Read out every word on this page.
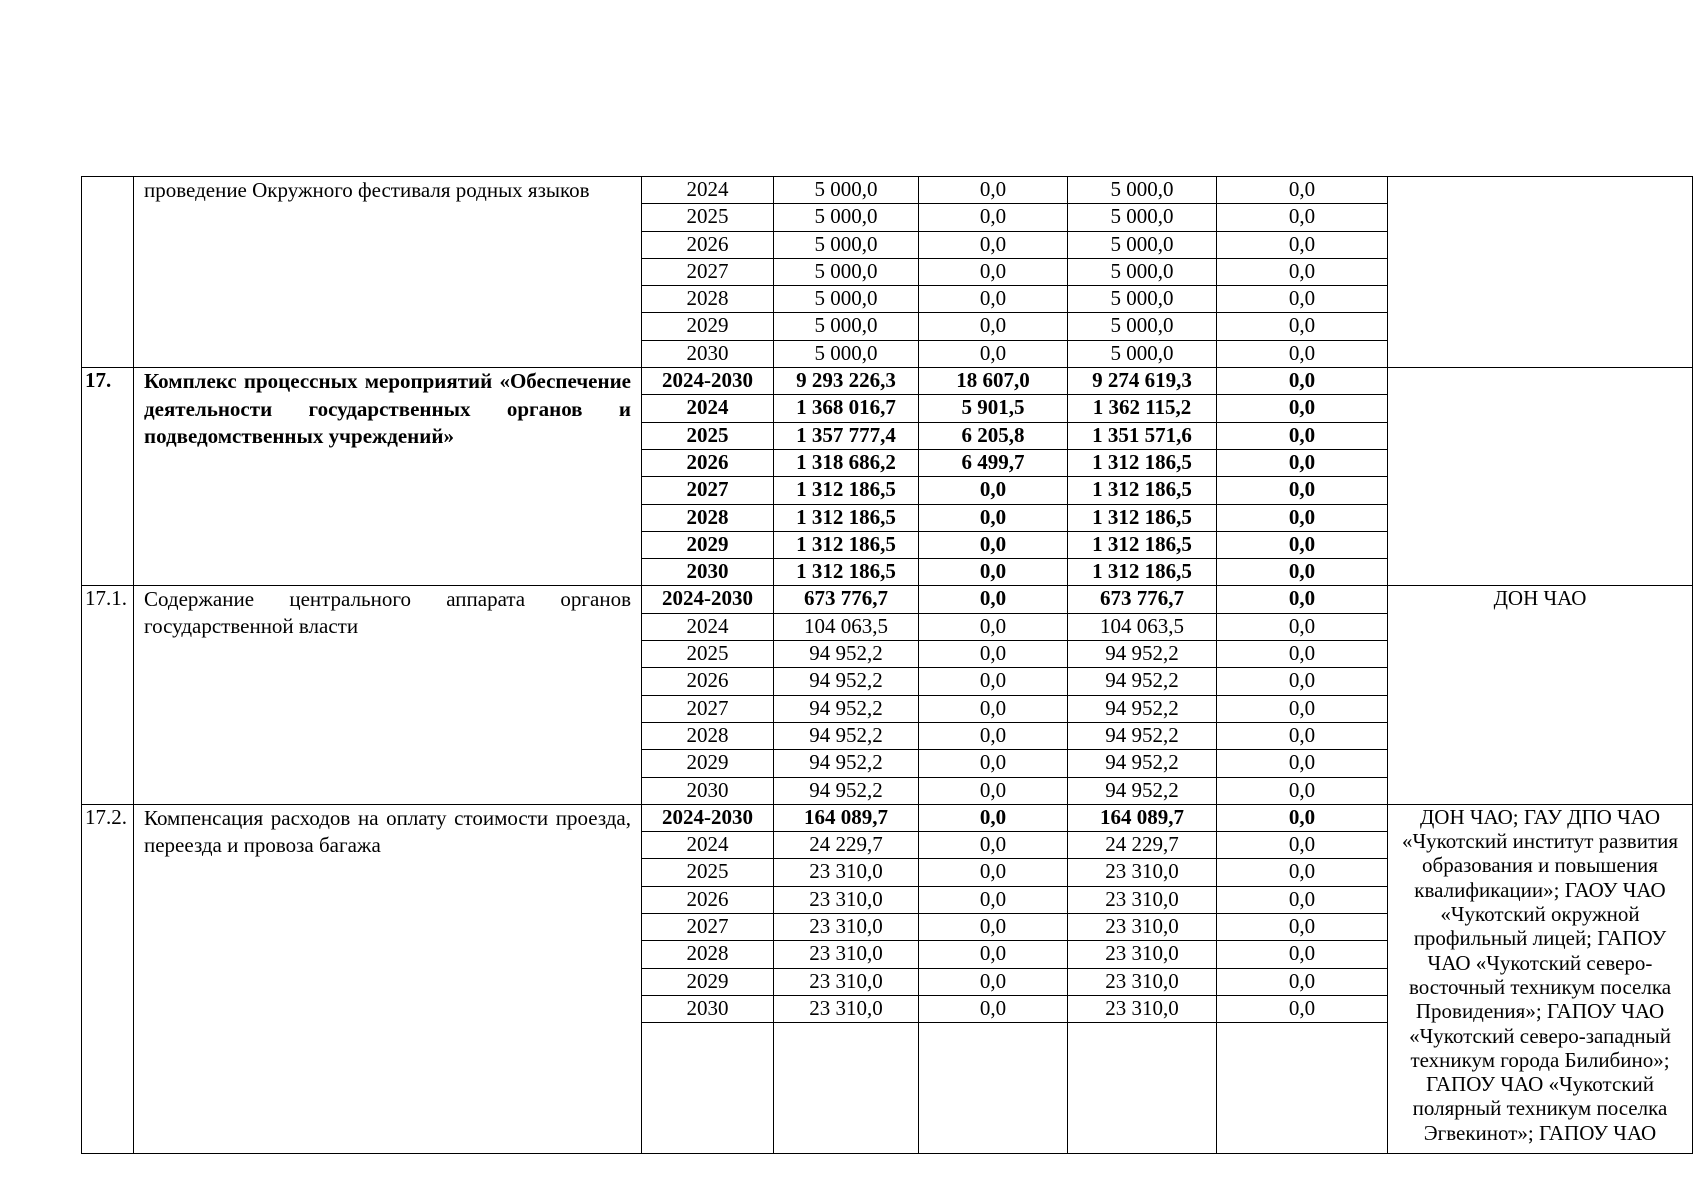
	проведение Окружного фестиваля родных языков	2024	5 000,0	0,0	5 000,0	0,0	
		2025	5 000,0	0,0	5 000,0	0,0	
		2026	5 000,0	0,0	5 000,0	0,0	
		2027	5 000,0	0,0	5 000,0	0,0	
		2028	5 000,0	0,0	5 000,0	0,0	
		2029	5 000,0	0,0	5 000,0	0,0	
		2030	5 000,0	0,0	5 000,0	0,0	
17.	Комплекс процессных мероприятий «Обеспечение деятельности государственных органов и подведомственных учреждений»	2024-2030	9 293 226,3	18 607,0	9 274 619,3	0,0	
		2024	1 368 016,7	5 901,5	1 362 115,2	0,0	
		2025	1 357 777,4	6 205,8	1 351 571,6	0,0	
		2026	1 318 686,2	6 499,7	1 312 186,5	0,0	
		2027	1 312 186,5	0,0	1 312 186,5	0,0	
		2028	1 312 186,5	0,0	1 312 186,5	0,0	
		2029	1 312 186,5	0,0	1 312 186,5	0,0	
		2030	1 312 186,5	0,0	1 312 186,5	0,0	
17.1.	Содержание центрального аппарата органов государственной власти	2024-2030	673 776,7	0,0	673 776,7	0,0	ДОН ЧАО
		2024	104 063,5	0,0	104 063,5	0,0	
		2025	94 952,2	0,0	94 952,2	0,0	
		2026	94 952,2	0,0	94 952,2	0,0	
		2027	94 952,2	0,0	94 952,2	0,0	
		2028	94 952,2	0,0	94 952,2	0,0	
		2029	94 952,2	0,0	94 952,2	0,0	
		2030	94 952,2	0,0	94 952,2	0,0	
17.2.	Компенсация расходов на оплату стоимости проезда, переезда и провоза багажа	2024-2030	164 089,7	0,0	164 089,7	0,0	ДОН ЧАО; ГАУ ДПО ЧАО «Чукотский институт развития образования и повышения квалификации»; ГАОУ ЧАО «Чукотский окружной профильный лицей; ГАПОУ ЧАО «Чукотский северо-восточный техникум поселка Провидения»; ГАПОУ ЧАО «Чукотский северо-западный техникум города Билибино»; ГАПОУ ЧАО «Чукотский полярный техникум поселка Эгвекинот»; ГАПОУ ЧАО
		2024	24 229,7	0,0	24 229,7	0,0	
		2025	23 310,0	0,0	23 310,0	0,0	
		2026	23 310,0	0,0	23 310,0	0,0	
		2027	23 310,0	0,0	23 310,0	0,0	
		2028	23 310,0	0,0	23 310,0	0,0	
		2029	23 310,0	0,0	23 310,0	0,0	
		2030	23 310,0	0,0	23 310,0	0,0	
